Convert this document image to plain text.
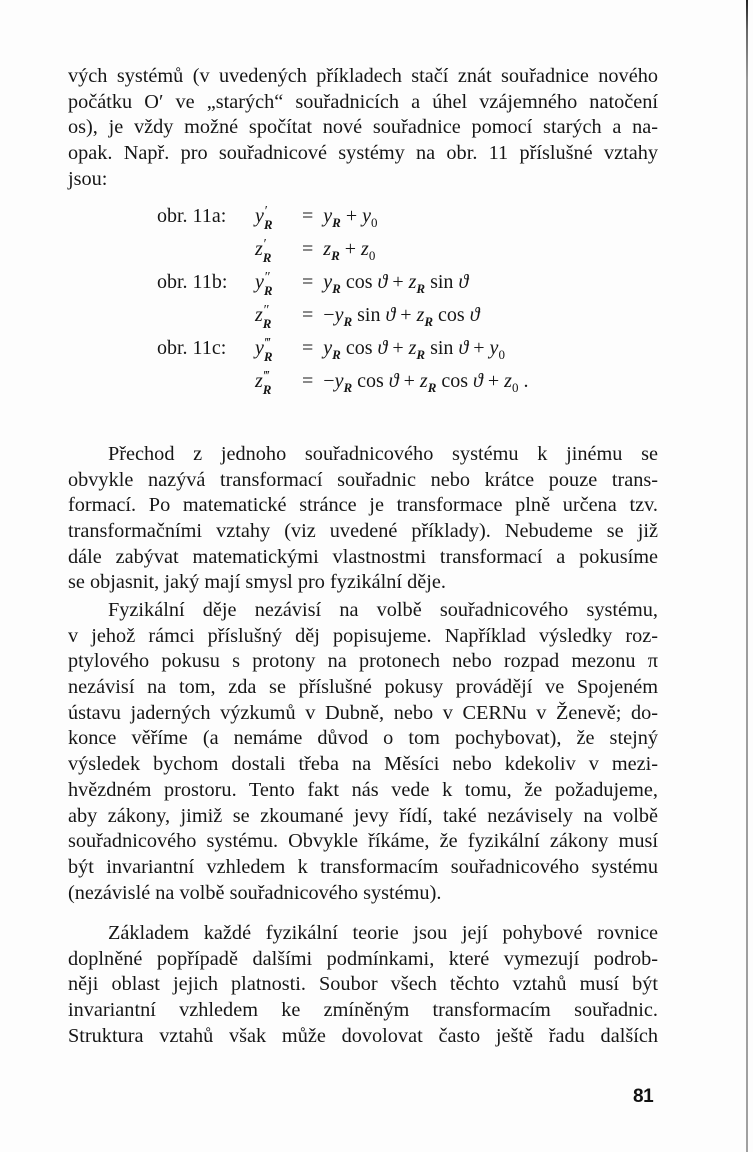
vých systémů (v uvedených příkladech stačí znát souřadnice nového
počátku O′ ve „starých“ souřadnicích a úhel vzájemného natočení
os), je vždy možné spočítat nové souřadnice pomocí starých a na-
opak. Např. pro souřadnicové systémy na obr. 11 příslušné vztahy
jsou:
obr. 11a: y ′
$R = y_R + y_0$
z ′
$R = z_R + z_0$
obr. 11b: y ″
$R = y_R$ $\cos ϑ + z_R$ sin ϑ
z ″
$R = -y_R$ $\sin ϑ + z_R$ cos ϑ
obr. 11c: y ‴
$R = y_R$ $\cos ϑ + z_R$ $\sin ϑ + y_0$
z ‴
$R = -y_R$ $\cos ϑ + z_R$ $\cos ϑ + z_0$ .
Přechod z jednoho souřadnicového systému k jinému se
obvykle nazývá transformací souřadnic nebo krátce pouze trans-
formací. Po matematické stránce je transformace plně určena tzv.
transformačními vztahy (viz uvedené příklady). Nebudeme se již
dále zabývat matematickými vlastnostmi transformací a pokusíme
se objasnit, jaký mají smysl pro fyzikální děje.
Fyzikální děje nezávisí na volbě souřadnicového systému,
v jehož rámci příslušný děj popisujeme. Například výsledky roz-
ptylového pokusu s protony na protonech nebo rozpad mezonu π
nezávisí na tom, zda se příslušné pokusy provádějí ve Spojeném
ústavu jaderných výzkumů v Dubně, nebo v CERNu v Ženevě; do-
konce věříme (a nemáme důvod o tom pochybovat), že stejný
výsledek bychom dostali třeba na Měsíci nebo kdekoliv v mezi-
hvězdném prostoru. Tento fakt nás vede k tomu, že požadujeme,
aby zákony, jimiž se zkoumané jevy řídí, také nezávisely na volbě
souřadnicového systému. Obvykle říkáme, že fyzikální zákony musí
být invariantní vzhledem k transformacím souřadnicového systému
(nezávislé na volbě souřadnicového systému).
Základem každé fyzikální teorie jsou její pohybové rovnice
doplněné popřípadě dalšími podmínkami, které vymezují podrob-
něji oblast jejich platnosti. Soubor všech těchto vztahů musí být
invariantní vzhledem ke zmíněným transformacím souřadnic.
Struktura vztahů však může dovolovat často ještě řadu dalších
81
